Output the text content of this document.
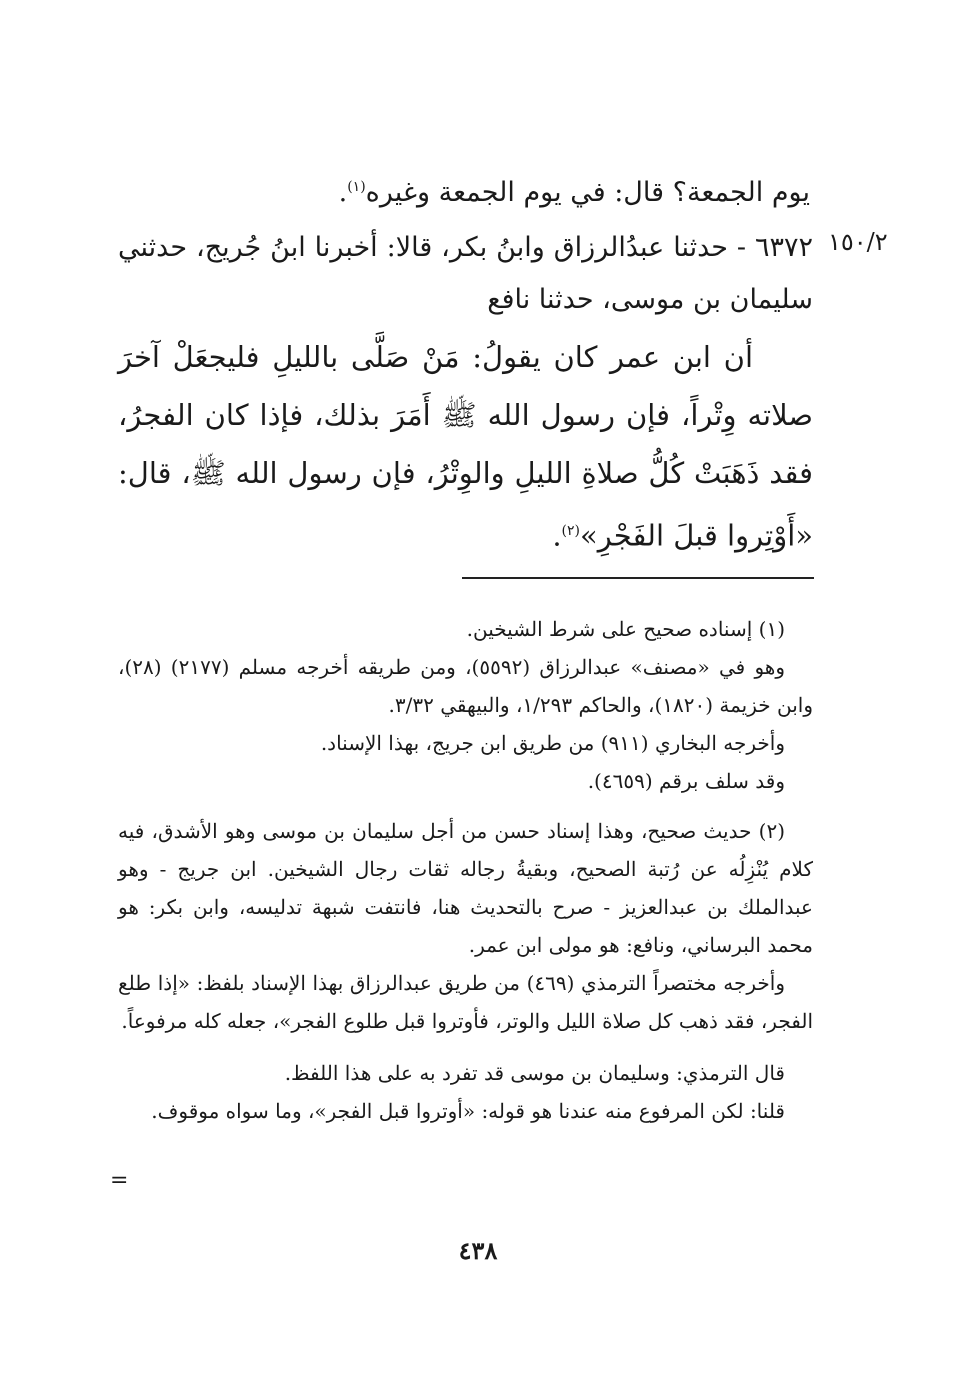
يوم الجمعة؟ قال: في يوم الجمعة وغيره$^{(١)}$.
١٥٠/٢
٦٣٧٢ - حدثنا عبدُالرزاق وابنُ بكر، قالا: أخبرنا ابنُ جُريج، حدثني سليمان بن موسى، حدثنا نافع
أن ابن عمر كان يقولُ: مَنْ صَلَّى بالليلِ فليجعَلْ آخرَ صلاته وِتْراً، فإن رسول الله ﷺ أَمَرَ بذلك، فإذا كان الفجرُ، فقد ذَهَبَتْ كُلُّ صلاةِ الليلِ والوِتْرُ، فإن رسول الله ﷺ، قال: «أَوْتِروا قبلَ الفَجْرِ»$^{(٢)}$.
(١) إسناده صحيح على شرط الشيخين.
وهو في «مصنف» عبدالرزاق (٥٥٩٢)، ومن طريقه أخرجه مسلم (٢١٧٧) (٢٨)، وابن خزيمة (١٨٢٠)، والحاكم ١/٢٩٣، والبيهقي ٣/٣٢.
وأخرجه البخاري (٩١١) من طريق ابن جريج، بهذا الإسناد.
وقد سلف برقم (٤٦٥٩).
(٢) حديث صحيح، وهذا إسناد حسن من أجل سليمان بن موسى وهو الأشدق، فيه كلام يُنْزِلُه عن رُتبة الصحيح، وبقيةُ رجاله ثقات رجال الشيخين. ابن جريج - وهو عبدالملك بن عبدالعزيز - صرح بالتحديث هنا، فانتفت شبهة تدليسه، وابن بكر: هو محمد البرساني، ونافع: هو مولى ابن عمر.
وأخرجه مختصراً الترمذي (٤٦٩) من طريق عبدالرزاق بهذا الإسناد بلفظ: «إذا طلع الفجر، فقد ذهب كل صلاة الليل والوتر، فأوتروا قبل طلوع الفجر»، جعله كله مرفوعاً.
قال الترمذي: وسليمان بن موسى قد تفرد به على هذا اللفظ.
قلنا: لكن المرفوع منه عندنا هو قوله: «أوتروا قبل الفجر»، وما سواه موقوف.
=
٤٣٨
